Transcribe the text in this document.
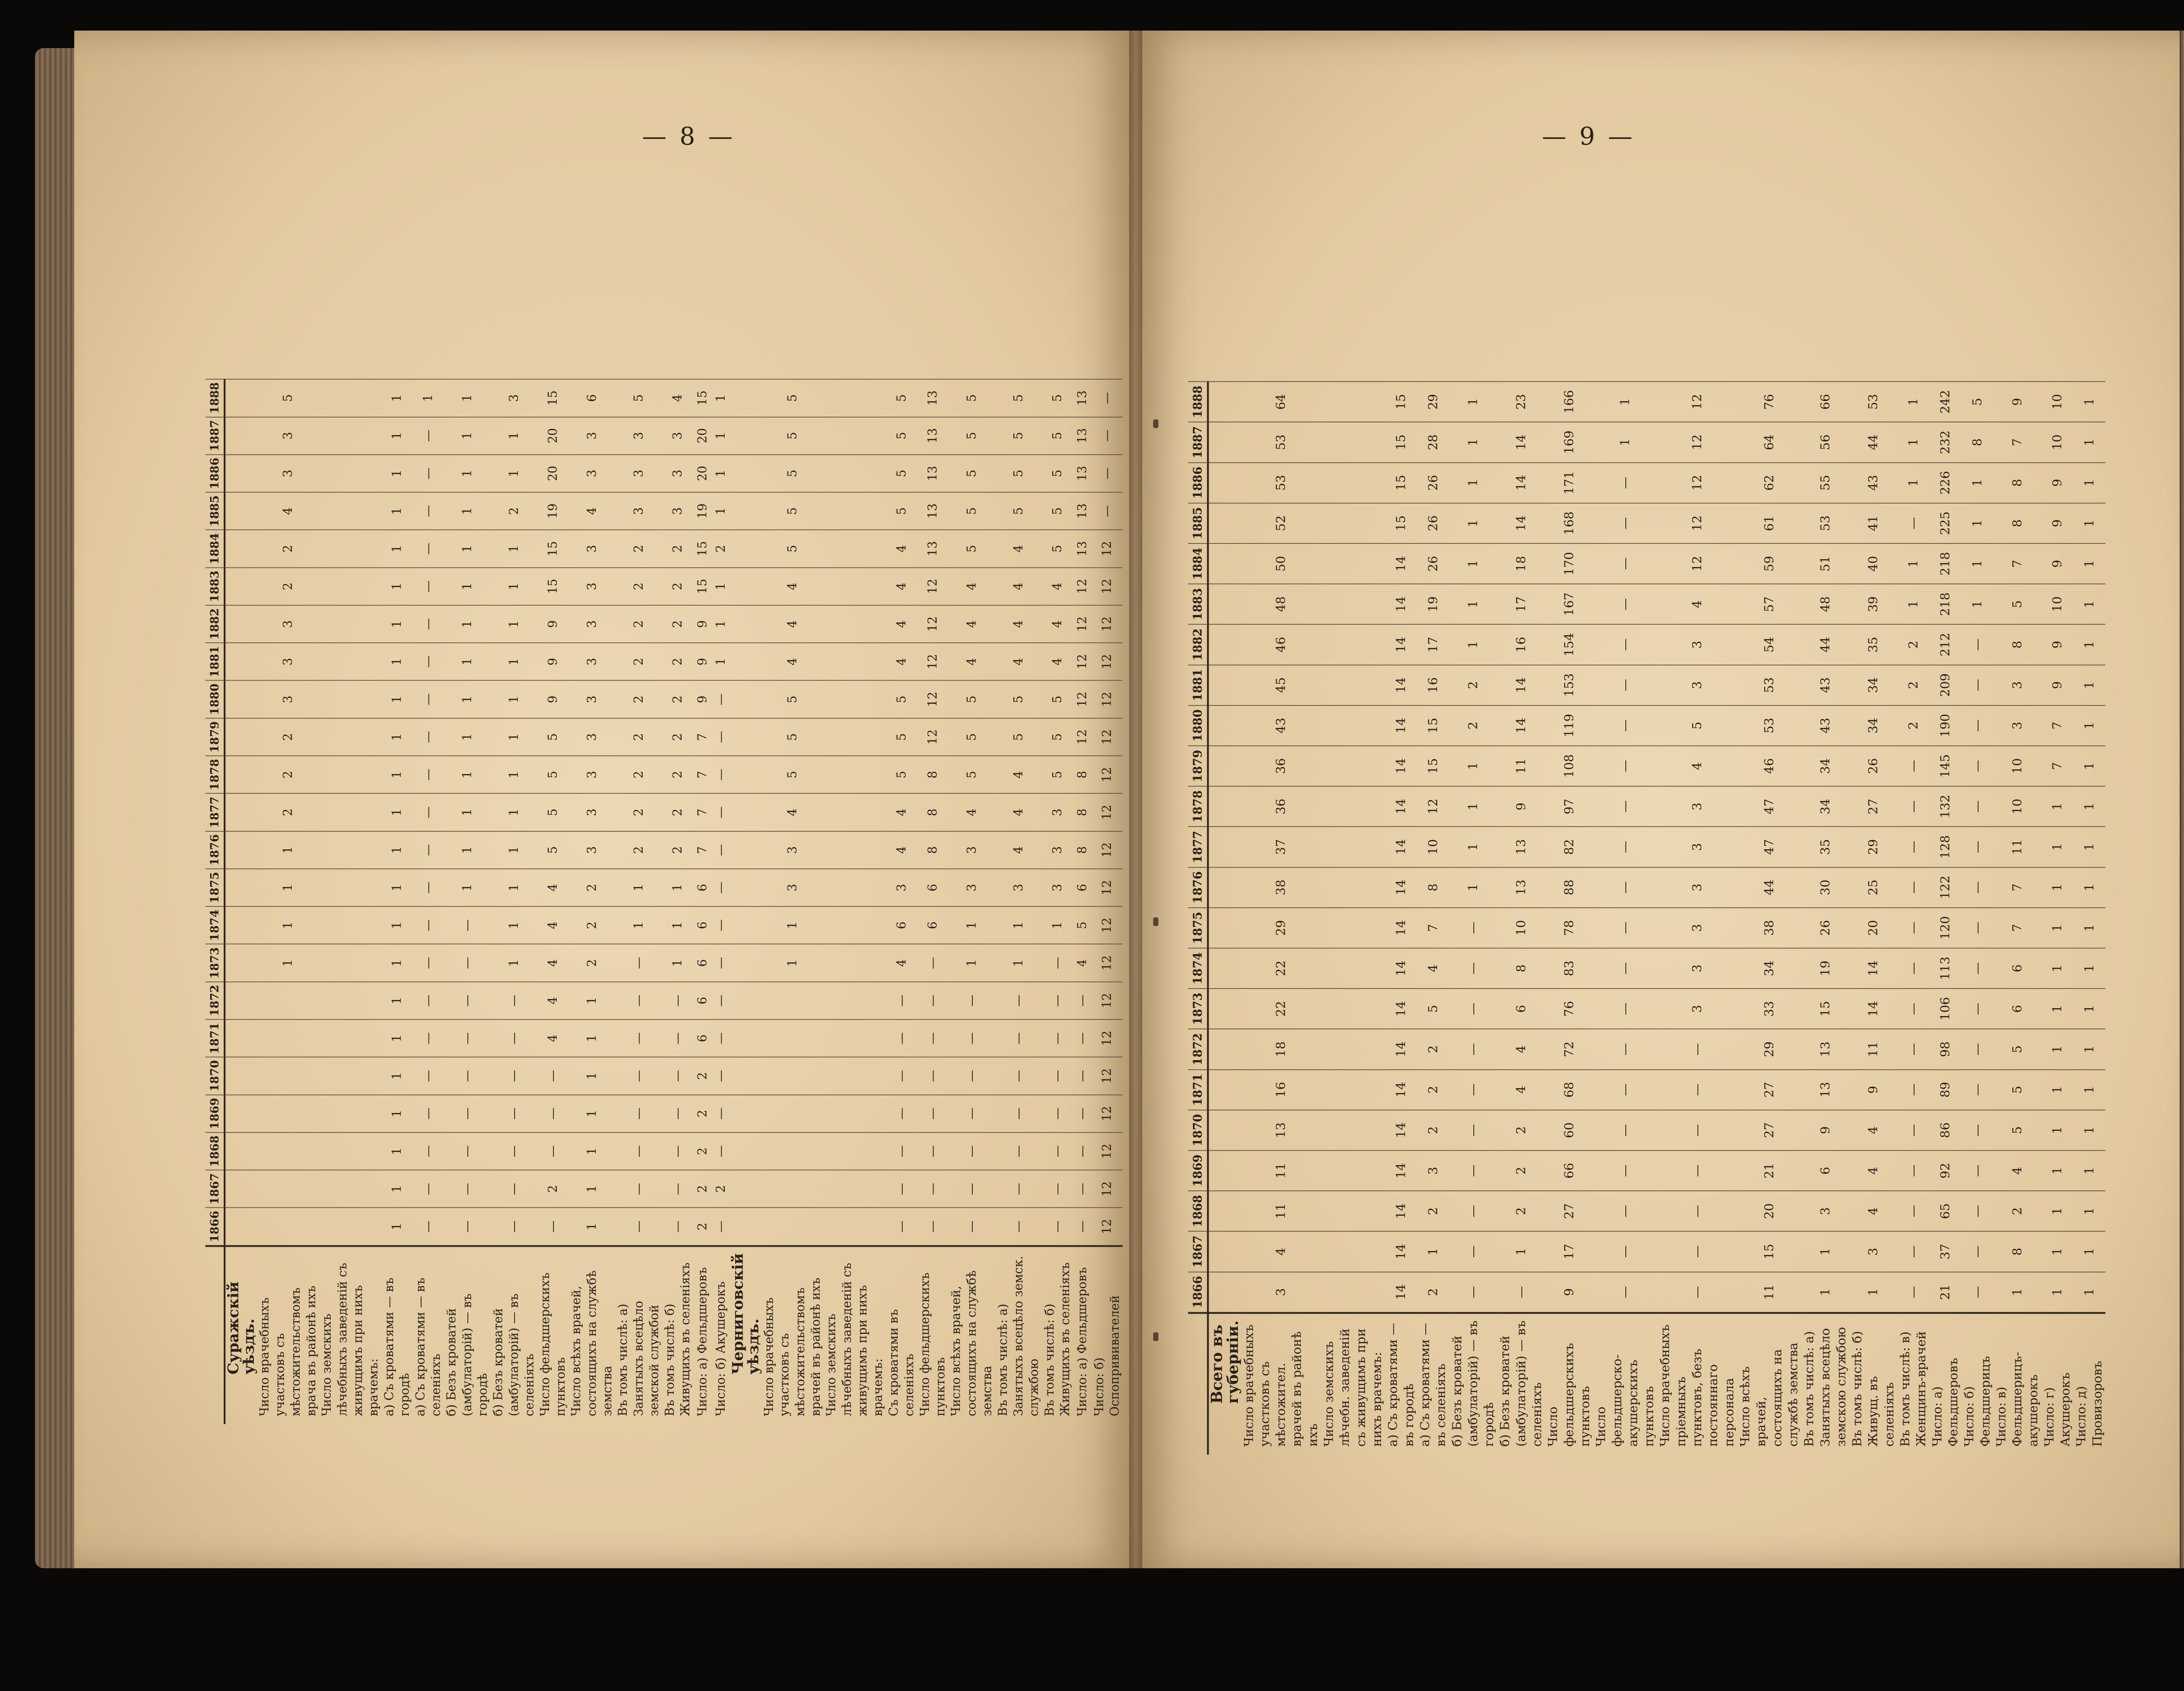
— 8 —
	1866	1867	1868	1869	1870	1871	1872	1873	1874	1875	1876	1877	1878	1879	1880	1881	1882	1883	1884	1885	1886	1887	1888
Суражскій уѣздъ.																							
Число врачебныхъ участковъ съ мѣстожительствомъ врача въ районѣ ихъ								1	1	1	1	2	2	2	3	3	3	2	2	4	3	3	5
Число земскихъ лѣчебныхъ заведеній съ живущимъ при нихъ врачемъ:																							
а) Съ кроватями — въ городѣ	1	1	1	1	1	1	1	1	1	1	1	1	1	1	1	1	1	1	1	1	1	1	1
а) Съ кроватями — въ селеніяхъ	—	—	—	—	—	—	—	—	—	—	—	—	—	—	—	—	—	—	—	—	—	—	1
б) Безъ кроватей (амбулаторій) — въ городѣ	—	—	—	—	—	—	—	—	—	1	1	1	1	1	1	1	1	1	1	1	1	1	1
б) Безъ кроватей (амбулаторій) — въ селеніяхъ	—	—	—	—	—	—	—	1	1	1	1	1	1	1	1	1	1	1	1	2	1	1	3
Число фельдшерскихъ пунктовъ	—	2	—	—	—	4	4	4	4	4	5	5	5	5	9	9	9	15	15	19	20	20	15
Число всѣхъ врачей, состоящихъ на службѣ земства	1	1	1	1	1	1	1	2	2	2	3	3	3	3	3	3	3	3	3	4	3	3	6
Въ томъ числѣ: а) Занятыхъ всецѣло земской службой	—	—	—	—	—	—	—	—	1	1	2	2	2	2	2	2	2	2	2	3	3	3	5
Въ томъ числѣ: б) Живущихъ въ селеніяхъ	—	—	—	—	—	—	—	1	1	1	2	2	2	2	2	2	2	2	2	3	3	3	4
Число: а) Фельдшеровъ	2	2	2	2	2	6	6	6	6	6	7	7	7	7	9	9	9	15	15	19	20	20	15
Число: б) Акушерокъ	—	2	—	—	—	—	—	—	—	—	—	—	—	—	—	1	1	1	2	1	1	1	1
Черниговскій уѣздъ.																							
Число врачебныхъ участковъ съ мѣстожительствомъ врачей въ районѣ ихъ								1	1	3	3	4	5	5	5	4	4	4	5	5	5	5	5
Число земскихъ лѣчебныхъ заведеній съ живущимъ при нихъ врачемъ:																							
Съ кроватями въ селеніяхъ	—	—	—	—	—	—	—	4	6	3	4	4	5	5	5	4	4	4	4	5	5	5	5
Число фельдшерскихъ пунктовъ	—	—	—	—	—	—	—	—	6	6	8	8	8	12	12	12	12	12	13	13	13	13	13
Число всѣхъ врачей, состоящихъ на службѣ земства	—	—	—	—	—	—	—	1	1	3	3	4	5	5	5	4	4	4	5	5	5	5	5
Въ томъ числѣ: а) Занятыхъ всецѣло земск. службою	—	—	—	—	—	—	—	1	1	3	4	4	4	5	5	4	4	4	4	5	5	5	5
Въ томъ числѣ: б) Живущихъ въ селеніяхъ	—	—	—	—	—	—	—	—	1	3	3	3	5	5	5	4	4	4	5	5	5	5	5
Число: а) Фельдшеровъ	—	—	—	—	—	—	—	4	5	6	8	8	8	12	12	12	12	12	13	13	13	13	13
Число: б) Оспопрививателей	12	12	12	12	12	12	12	12	12	12	12	12	12	12	12	12	12	12	12	—	—	—	—
— 9 —
	1866	1867	1868	1869	1870	1871	1872	1873	1874	1875	1876	1877	1878	1879	1880	1881	1882	1883	1884	1885	1886	1887	1888
Всего въ губерніи.																							
Число врачебныхъ участковъ съ мѣстожител. врачей въ районѣ ихъ	3	4	11	11	13	16	18	22	22	29	38	37	36	36	43	45	46	48	50	52	53	53	64
Число земскихъ лѣчебн. заведеній съ живущимъ при нихъ врачемъ:																							
а) Съ кроватями — въ городѣ	14	14	14	14	14	14	14	14	14	14	14	14	14	14	14	14	14	14	14	15	15	15	15
а) Съ кроватями — въ селеніяхъ	2	1	2	3	2	2	2	5	4	7	8	10	12	15	15	16	17	19	26	26	26	28	29
б) Безъ кроватей (амбулаторій) — въ городѣ	—	—	—	—	—	—	—	—	—	—	1	1	1	1	2	2	1	1	1	1	1	1	1
б) Безъ кроватей (амбулаторій) — въ селеніяхъ	—	1	2	2	2	4	4	6	8	10	13	13	9	11	14	14	16	17	18	14	14	14	23
Число фельдшерскихъ пунктовъ	9	17	27	66	60	68	72	76	83	78	88	82	97	108	119	153	154	167	170	168	171	169	166
Число фельдшерско-акушерскихъ пунктовъ	—	—	—	—	—	—	—	—	—	—	—	—	—	—	—	—	—	—	—	—	—	1	1
Число врачебныхъ пріемныхъ пунктовъ, безъ постояннаго персонала	—	—	—	—	—	—	—	3	3	3	3	3	3	4	5	3	3	4	12	12	12	12	12
Число всѣхъ врачей, состоящихъ на службѣ земства	11	15	20	21	27	27	29	33	34	38	44	47	47	46	53	53	54	57	59	61	62	64	76
Въ томъ числѣ: а) Занятыхъ всецѣло земскою службою	1	1	3	6	9	13	13	15	19	26	30	35	34	34	43	43	44	48	51	53	55	56	66
Въ томъ числѣ: б) Живущ. въ селеніяхъ	1	3	4	4	4	9	11	14	14	20	25	29	27	26	34	34	35	39	40	41	43	44	53
Въ томъ числѣ: в) Женщинъ-врачей	—	—	—	—	—	—	—	—	—	—	—	—	—	—	2	2	2	1	1	—	1	1	1
Число: а) Фельдшеровъ	21	37	65	92	86	89	98	106	113	120	122	128	132	145	190	209	212	218	218	225	226	232	242
Число: б) Фельдшерицъ	—	—	—	—	—	—	—	—	—	—	—	—	—	—	—	—	—	1	1	1	1	8	5
Число: в) Фельдшерицъ-акушерокъ	1	8	2	4	5	5	5	6	6	7	7	11	10	10	3	3	8	5	7	8	8	7	9
Число: г) Акушерокъ	1	1	1	1	1	1	1	1	1	1	1	1	1	7	7	9	9	10	9	9	9	10	10
Число: д) Провизоровъ	1	1	1	1	1	1	1	1	1	1	1	1	1	1	1	1	1	1	1	1	1	1	1
